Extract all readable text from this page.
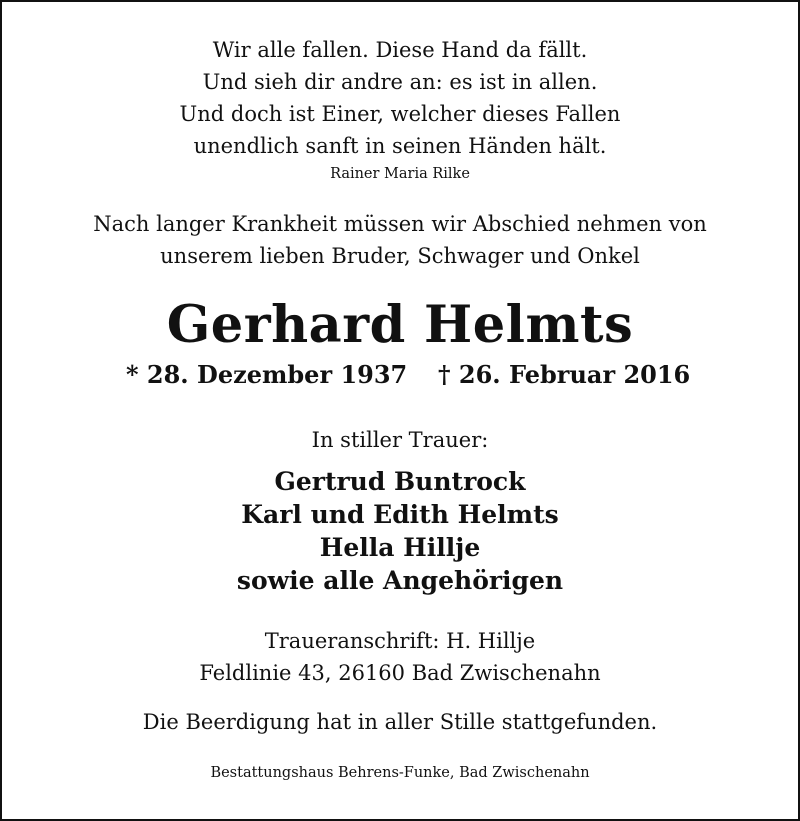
Wir alle fallen. Diese Hand da fällt.
Und sieh dir andre an: es ist in allen.
Und doch ist Einer, welcher dieses Fallen
unendlich sanft in seinen Händen hält.
Rainer Maria Rilke
Nach langer Krankheit müssen wir Abschied nehmen von
unserem lieben Bruder, Schwager und Onkel
Gerhard Helmts
* 28. Dezember 1937 † 26. Februar 2016
In stiller Trauer:
Gertrud Buntrock
Karl und Edith Helmts
Hella Hillje
sowie alle Angehörigen
Traueranschrift: H. Hillje
Feldlinie 43, 26160 Bad Zwischenahn
Die Beerdigung hat in aller Stille stattgefunden.
Bestattungshaus Behrens-Funke, Bad Zwischenahn
